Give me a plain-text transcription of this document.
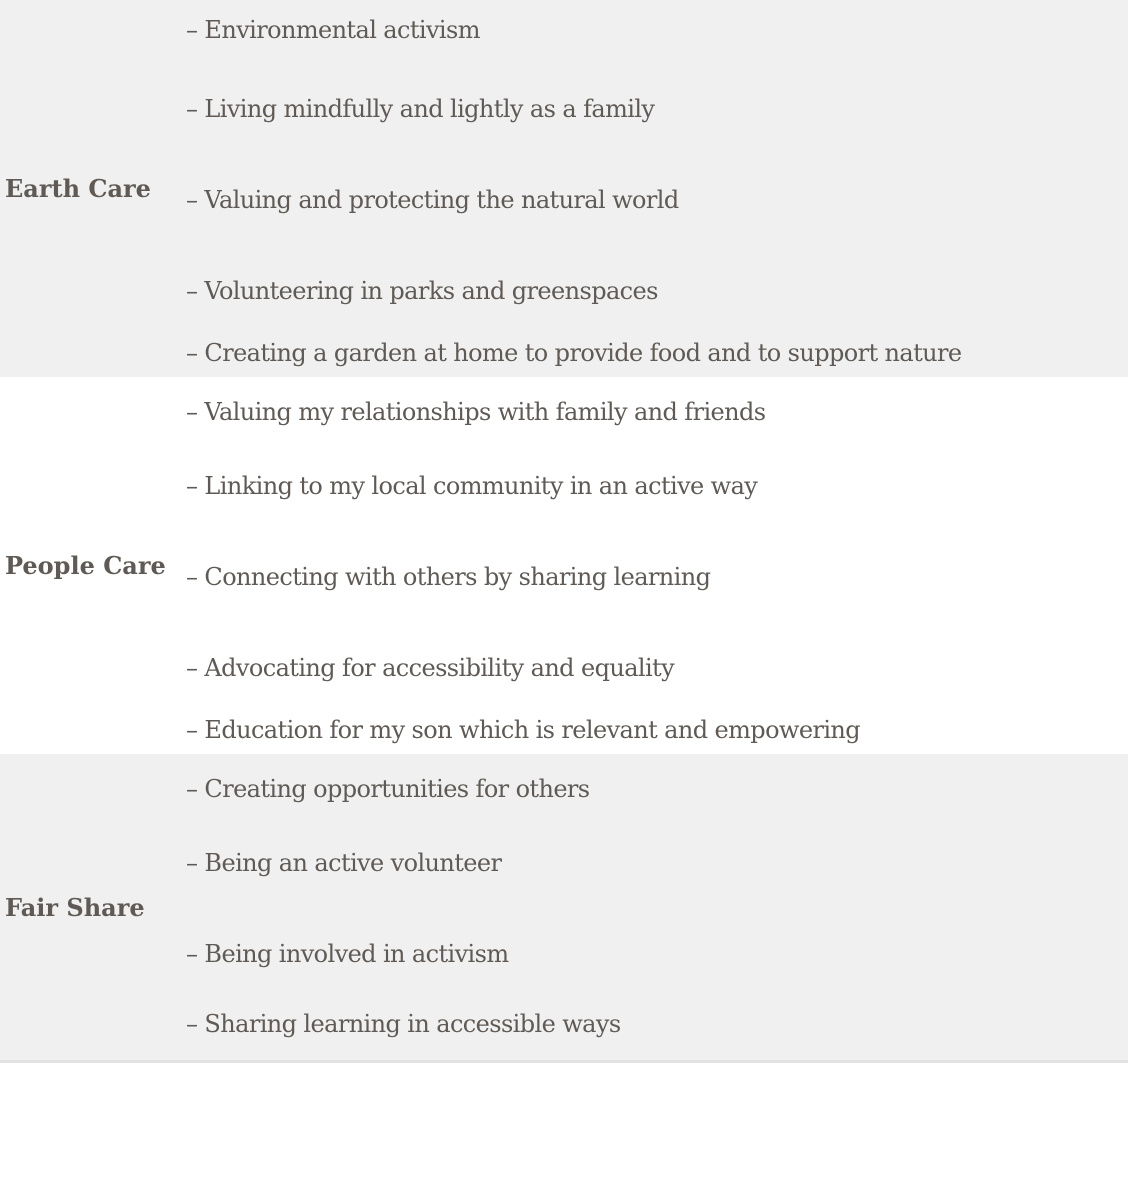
Earth Care	– Environmental activism
– Living mindfully and lightly as a family
– Valuing and protecting the natural world
– Volunteering in parks and greenspaces
– Creating a garden at home to provide food and to support nature

People Care	– Valuing my relationships with family and friends
– Linking to my local community in an active way
– Connecting with others by sharing learning
– Advocating for accessibility and equality
– Education for my son which is relevant and empowering

Fair Share	– Creating opportunities for others
– Being an active volunteer
– Being involved in activism
– Sharing learning in accessible ways
